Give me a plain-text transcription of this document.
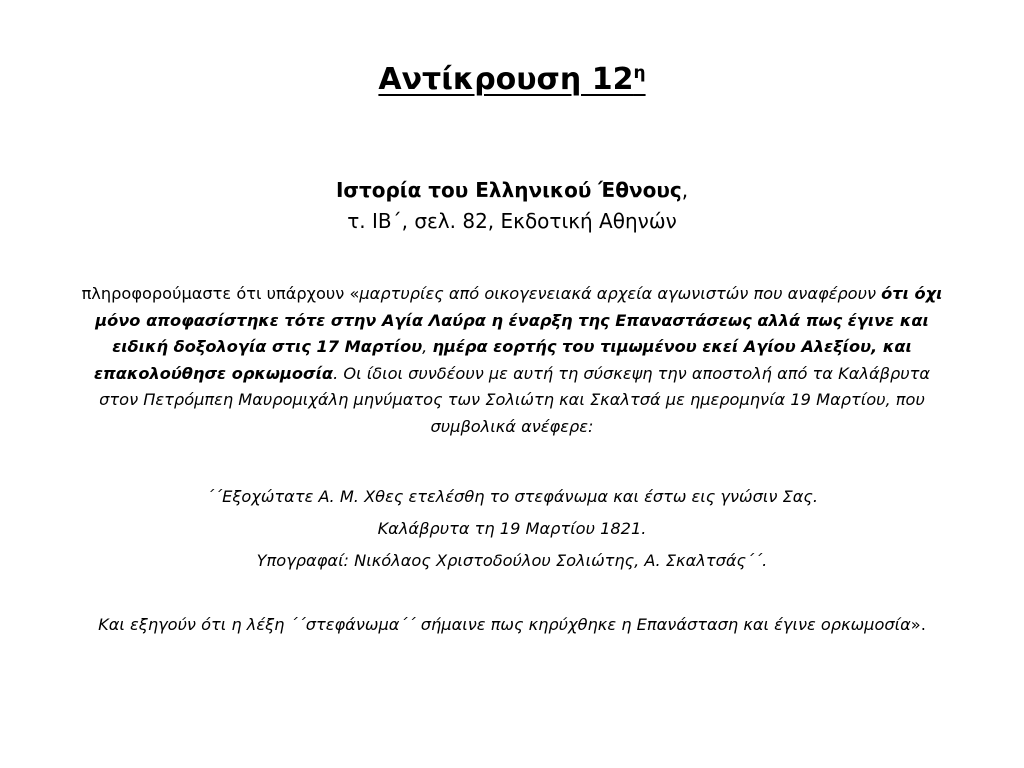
Αντίκρουση $12^\eta$
Ιστορία του Ελληνικού Έθνους,
τ. ΙΒ΄, σελ. 82, Εκδοτική Αθηνών
πληροφορούμαστε ότι υπάρχουν «μαρτυρίες από οικογενειακά αρχεία αγωνιστών που αναφέρουν ότι όχι μόνο αποφασίστηκε τότε στην Αγία Λαύρα η έναρξη της Επαναστάσεως αλλά πως έγινε και ειδική δοξολογία στις 17 Μαρτίου, ημέρα εορτής του τιμωμένου εκεί Αγίου Αλεξίου, και επακολούθησε ορκωμοσία. Οι ίδιοι συνδέουν με αυτή τη σύσκεψη την αποστολή από τα Καλάβρυτα στον Πετρόμπεη Μαυρομιχάλη μηνύματος των Σολιώτη και Σκαλτσά με ημερομηνία 19 Μαρτίου, που συμβολικά ανέφερε:
΄΄Εξοχώτατε Α. Μ. Χθες ετελέσθη το στεφάνωμα και έστω εις γνώσιν Σας.
Καλάβρυτα τη 19 Μαρτίου 1821.
Υπογραφαί: Νικόλαος Χριστοδούλου Σολιώτης, Α. Σκαλτσάς΄΄.
Και εξηγούν ότι η λέξη ΄΄στεφάνωμα΄΄ σήμαινε πως κηρύχθηκε η Επανάσταση και έγινε ορκωμοσία».
